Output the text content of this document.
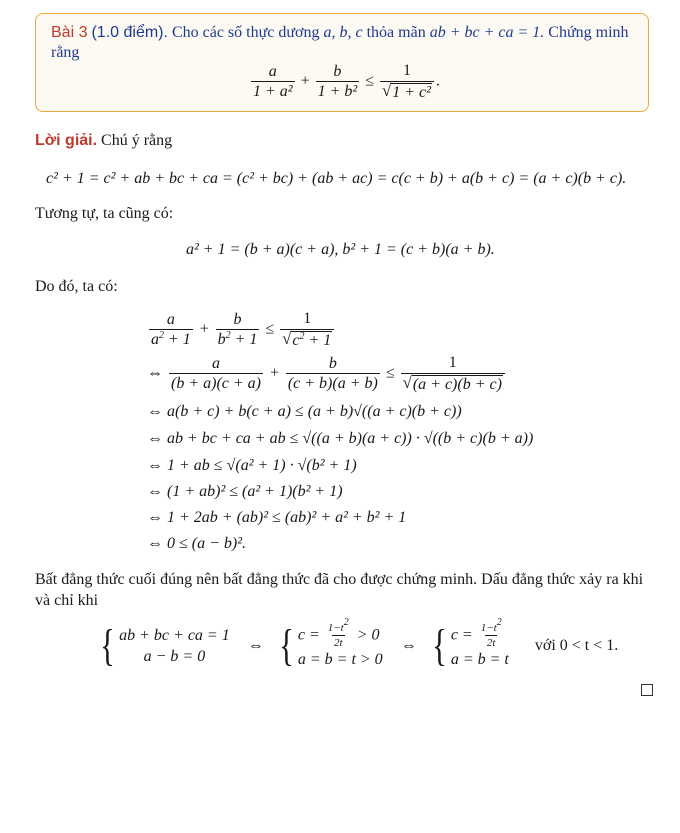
Bài 3 (1.0 điểm). Cho các số thực dương a, b, c thỏa mãn ab + bc + ca = 1. Chứng minh
rằng
$\frac{a}{\text{1 + a²}} + \frac{b}{\text{1 + b²}} \le \frac{1}{\text{√ 1 + c²}}$ .
Lời giải. Chú ý rằng
c² + 1 = c² + ab + bc + ca = (c² + bc) + (ab + ac) = c(c + b) + a(b + c) = (a + c)(b + c).
Tương tự, ta cũng có:
a² + 1 = (b + a)(c + a), b² + 1 = (c + b)(a + b).
Do đó, ta có:
$\frac{a}{a^2 + 1} + \frac{b}{b^2 + 1} \le \frac{1}{√ c^2 + 1}$
⇔ $\frac{a}{(b + a)(c + a)} + \frac{b}{(c + b)(a + b)} \le \frac{1}{√ (a + c)(b + c)}$
⇔ a(b + c) + b(c + a) ≤ (a + b)√((a + c)(b + c))
⇔ ab + bc + ca + ab ≤ √((a + b)(a + c)) · √((b + c)(b + a))
⇔ 1 + ab ≤ √(a² + 1) · √(b² + 1)
⇔ (1 + ab)² ≤ (a² + 1)(b² + 1)
⇔ 1 + 2ab + (ab)² ≤ (ab)² + a² + b² + 1
⇔ 0 ≤ (a − b)².
Bất đẳng thức cuối đúng nên bất đẳng thức đã cho được chứng minh. Dấu đẳng thức xảy ra khi
và chỉ khi
{ ab + bc + ca = 1
a − b = 0
⇔ { $c = \frac{1-t^2}{2t} > 0$
a = b = t > 0
⇔ { $c = \frac{1-t^2}{2t}$
a = b = t
với 0 < t < 1.
